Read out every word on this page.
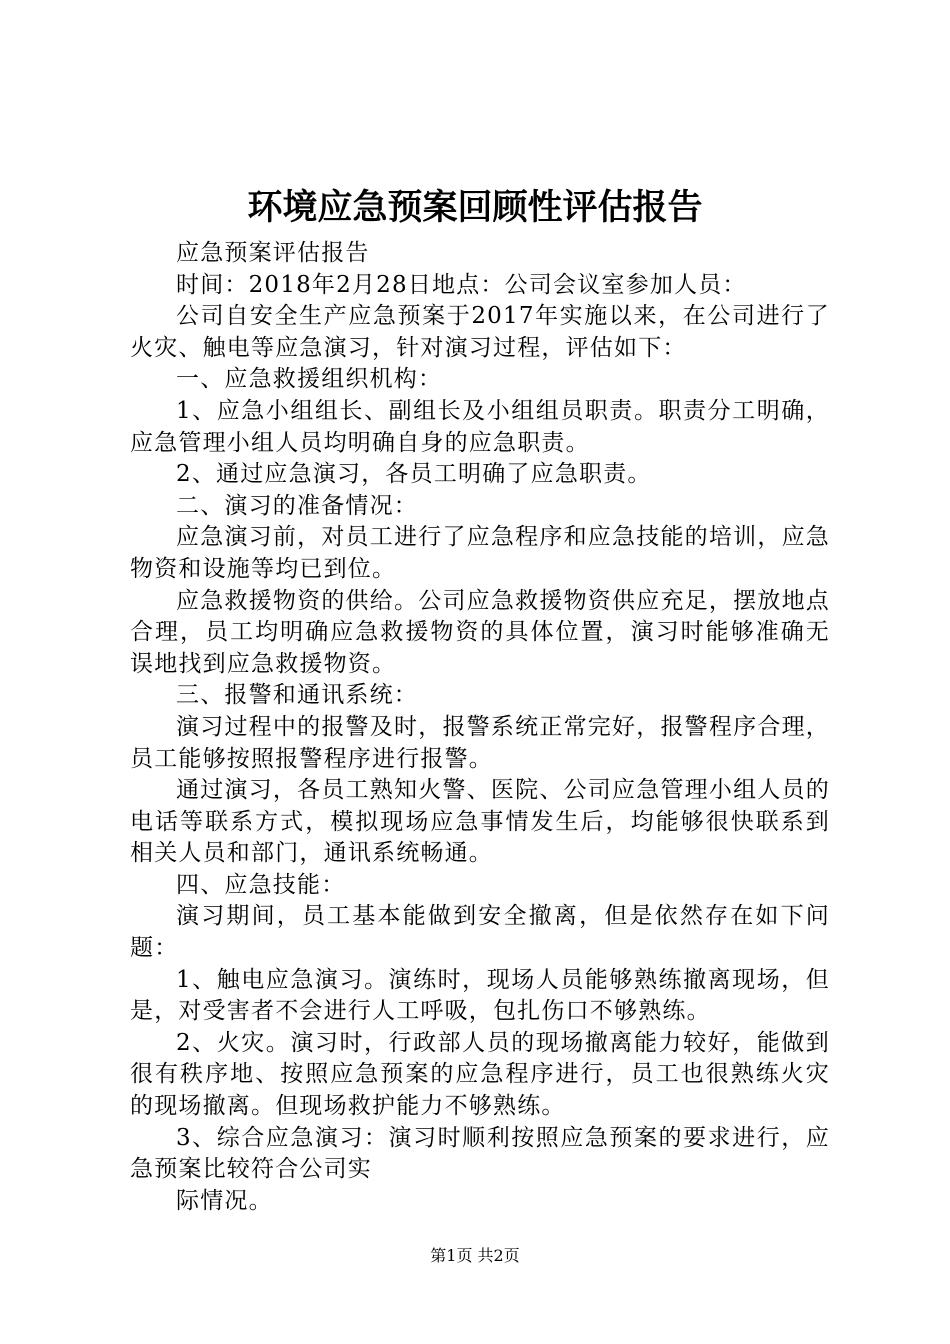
环境应急预案回顾性评估报告

应急预案评估报告

时间：2018年2月28日地点：公司会议室参加人员：

公司自安全生产应急预案于2017年实施以来，在公司进行了火灾、触电等应急演习，针对演习过程，评估如下：

一、应急救援组织机构：

1、应急小组组长、副组长及小组组员职责。职责分工明确，应急管理小组人员均明确自身的应急职责。

2、通过应急演习，各员工明确了应急职责。

二、演习的准备情况：

应急演习前，对员工进行了应急程序和应急技能的培训，应急物资和设施等均已到位。

应急救援物资的供给。公司应急救援物资供应充足，摆放地点合理，员工均明确应急救援物资的具体位置，演习时能够准确无误地找到应急救援物资。

三、报警和通讯系统：

演习过程中的报警及时，报警系统正常完好，报警程序合理，员工能够按照报警程序进行报警。

通过演习，各员工熟知火警、医院、公司应急管理小组人员的电话等联系方式，模拟现场应急事情发生后，均能够很快联系到相关人员和部门，通讯系统畅通。

四、应急技能：

演习期间，员工基本能做到安全撤离，但是依然存在如下问题：

1、触电应急演习。演练时，现场人员能够熟练撤离现场，但是，对受害者不会进行人工呼吸，包扎伤口不够熟练。

2、火灾。演习时，行政部人员的现场撤离能力较好，能做到很有秩序地、按照应急预案的应急程序进行，员工也很熟练火灾的现场撤离。但现场救护能力不够熟练。

3、综合应急演习：演习时顺利按照应急预案的要求进行，应急预案比较符合公司实

际情况。

第1页 共2页
